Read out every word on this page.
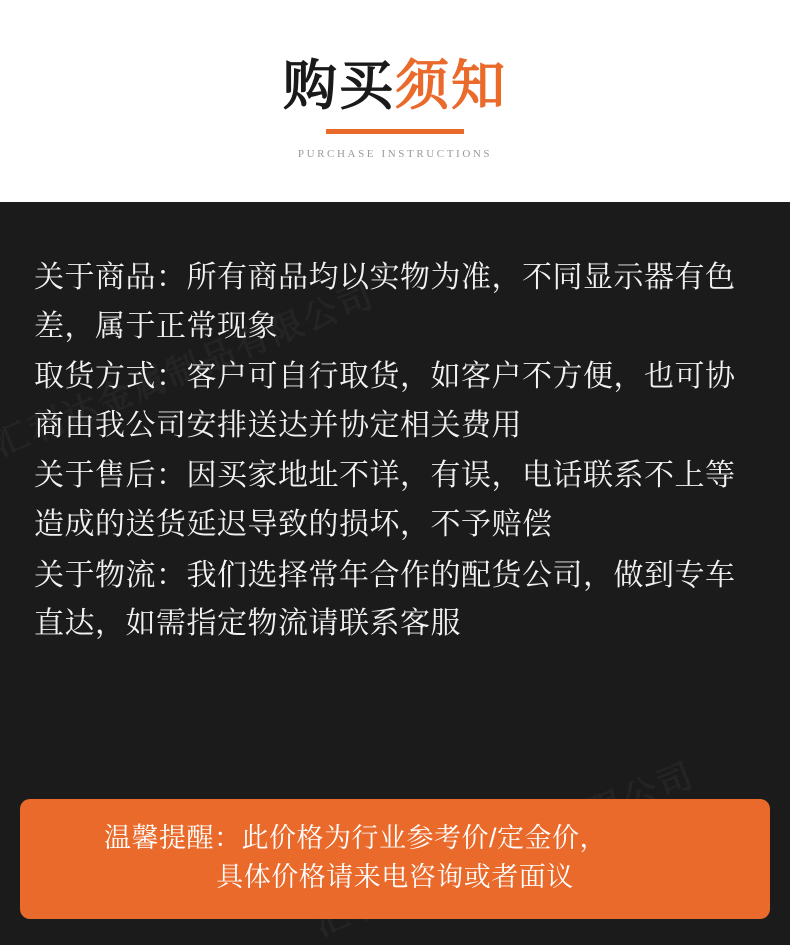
购买须知
PURCHASE INSTRUCTIONS

关于商品：所有商品均以实物为准，不同显示器有色差，属于正常现象

取货方式：客户可自行取货，如客户不方便，也可协商由我公司安排送达并协定相关费用

关于售后：因买家地址不详，有误，电话联系不上等造成的送货延迟导致的损坏，不予赔偿

关于物流：我们选择常年合作的配货公司，做到专车直达，如需指定物流请联系客服

温馨提醒：此价格为行业参考价/定金价，
具体价格请来电咨询或者面议
